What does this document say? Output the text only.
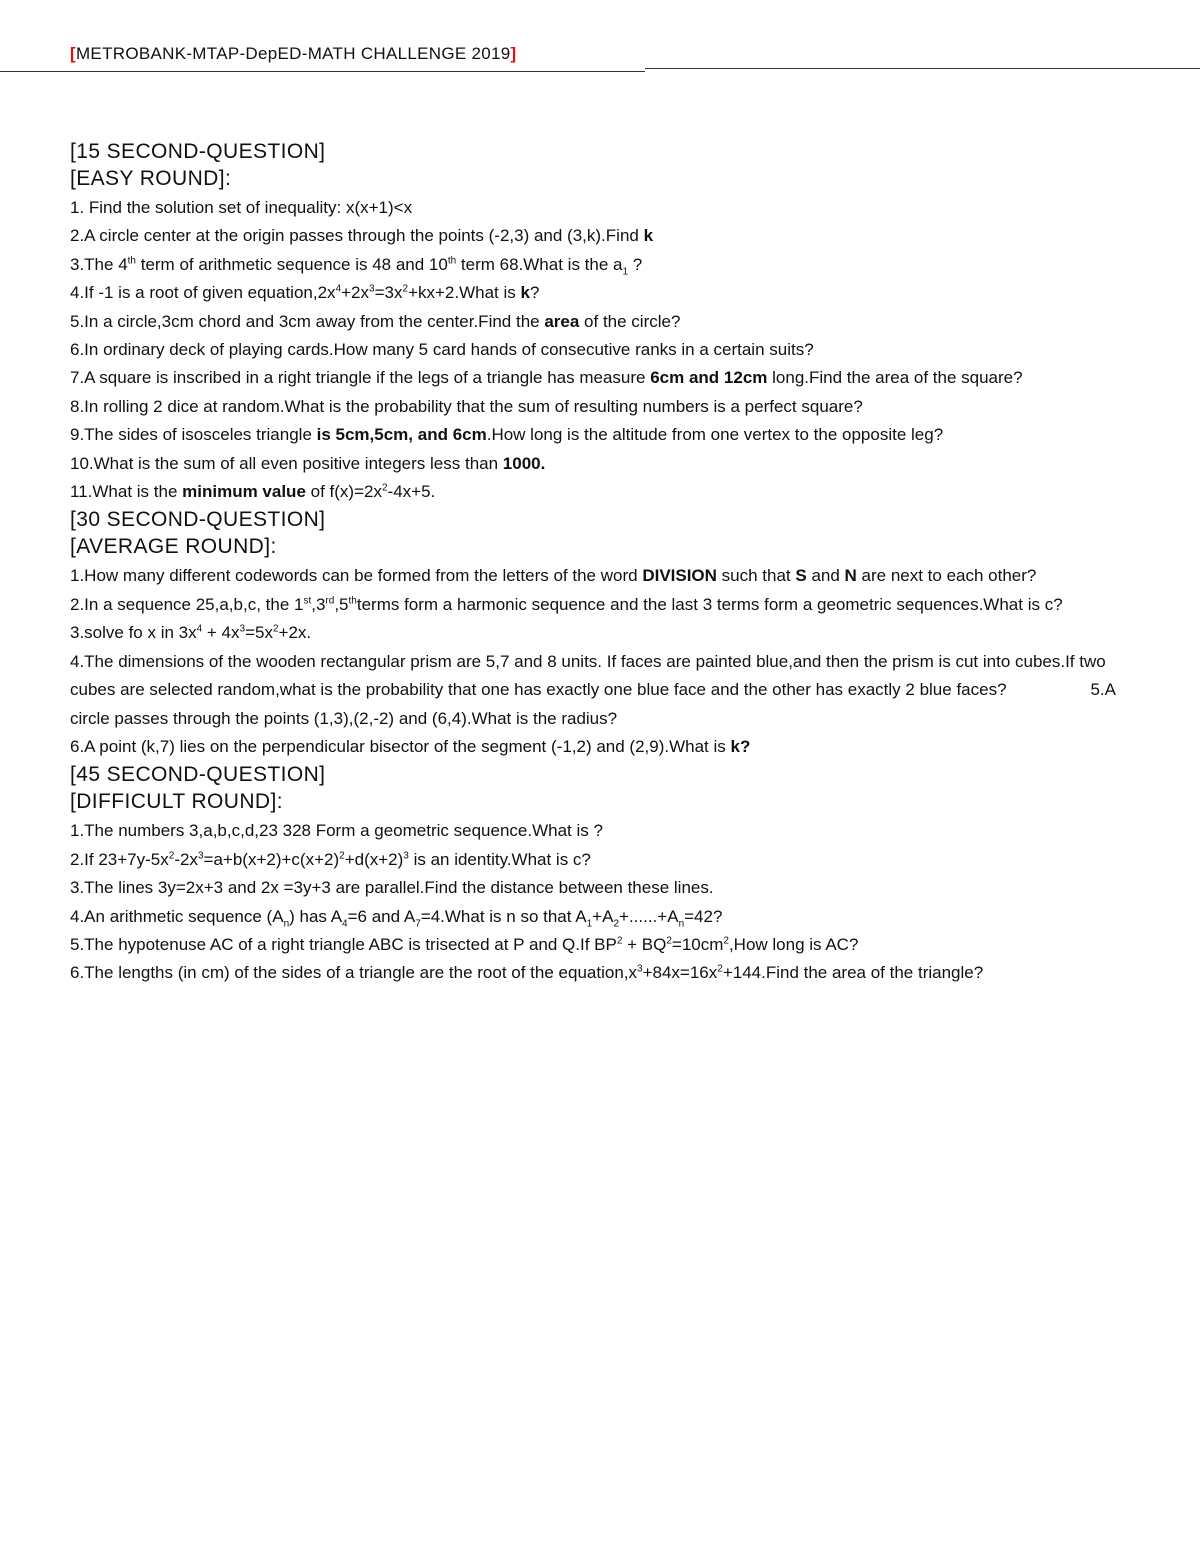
[METROBANK-MTAP-DepED-MATH CHALLENGE 2019]

[15 SECOND-QUESTION]

[EASY ROUND]:

1. Find the solution set of inequality: x(x+1)<x

2.A circle center at the origin passes through the points (-2,3) and (3,k).Find k

3.The 4th term of arithmetic sequence is 48 and 10th term 68.What is the $a_1$ ?

4.If -1 is a root of given $equation,2x^4+2x^3=3x^2+kx+2.What$ is k?

5.In a circle,3cm chord and 3cm away from the center.Find the area of the circle?

6.In ordinary deck of playing cards.How many 5 card hands of consecutive ranks in a certain suits?

7.A square is inscribed in a right triangle if the legs of a triangle has measure 6cm and 12cm long.Find the area of the square?

8.In rolling 2 dice at random.What is the probability that the sum of resulting numbers is a perfect square?

9.The sides of isosceles triangle is 5cm,5cm, and 6cm.How long is the altitude from one vertex to the opposite leg?

10.What is the sum of all even positive integers less than 1000.

11.What is the minimum value of $f(x)=2x^2-4x+5$.

[30 SECOND-QUESTION]

[AVERAGE ROUND]:

1.How many different codewords can be formed from the letters of the word DIVISION such that S and N are next to each other?

2.In a sequence 25,a,b,c, the 1st,3rd,5thterms form a harmonic sequence and the last 3 terms form a geometric sequences.What is c?

3.solve fo x in $3x^4 + 4x^3=5x^2+2x$.

4.The dimensions of the wooden rectangular prism are 5,7 and 8 units. If faces are painted blue,and then the prism is cut into cubes.If two cubes are selected random,what is the probability that one has exactly one blue face and the other has exactly 2 blue faces?	5.A

circle passes through the points (1,3),(2,-2) and (6,4).What is the radius?

6.A point (k,7) lies on the perpendicular bisector of the segment (-1,2) and (2,9).What is k?

[45 SECOND-QUESTION]

[DIFFICULT ROUND]:

1.The numbers 3,a,b,c,d,23 328 Form a geometric sequence.What is ?

2.If $23+7y-5x^2-2x^3=a+b(x+2)+c(x+2)^2+d(x+2)^3$ is an identity.What is c?

3.The lines 3y=2x+3 and 2x =3y+3 are parallel.Find the distance between these lines.

4.An arithmetic sequence $(A_n)$ has $A_4=6$ and $A_7=4.What$ is n so that $A_1+A_2+......+A_n=42$?

5.The hypotenuse AC of a right triangle ABC is trisected at P and Q.If $BP^2 + BQ^2=10cm^2,How$ long is AC?

6.The lengths (in cm) of the sides of a triangle are the root of the $equation,x^3+84x=16x^2+144.Find$ the area of the triangle?
